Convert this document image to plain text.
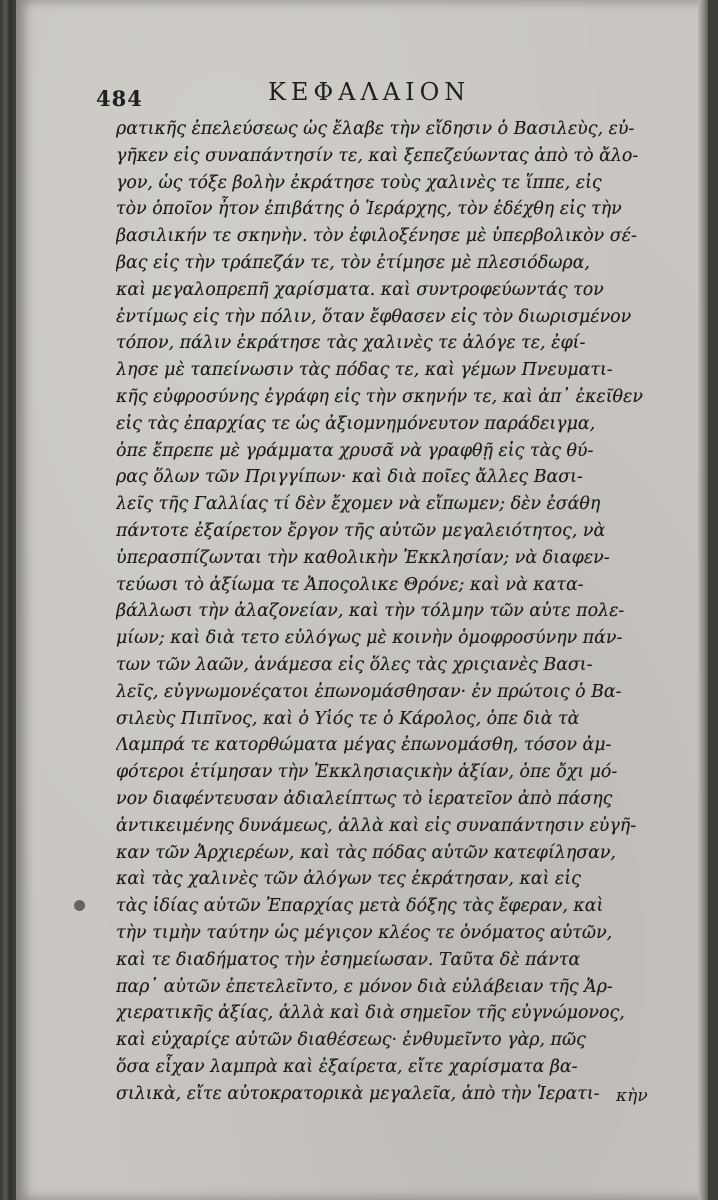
484	ΚΕΦΑΛΑΙΟΝ
ρατικῆς ἐπελεύσεως ὡς ἔλαβε τὴν εἴδησιν ὁ Βασιλεὺς, εὐ-
γῆκεν εἰς συναπάντησίν τε, καὶ ξεπεζεύωντας ἀπὸ τὸ ἄλο-
γον, ὡς τόξε βολὴν ἐκράτησε τοὺς χαλινὲς τε ἵππε, εἰς
τὸν ὁποῖον ἦτον ἐπιβάτης ὁ Ἱεράρχης, τὸν ἐδέχθη εἰς τὴν
βασιλικήν τε σκηνὴν. τὸν ἐφιλοξένησε μὲ ὑπερβολικὸν σέ-
βας εἰς τὴν τράπεζάν τε, τὸν ἐτίμησε μὲ πλεσιόδωρα,
καὶ μεγαλοπρεπῆ χαρίσματα. καὶ συντροφεύωντάς τον
ἐντίμως εἰς τὴν πόλιν, ὅταν ἔφθασεν εἰς τὸν διωρισμένον
τόπον, πάλιν ἐκράτησε τὰς χαλινὲς τε ἀλόγε τε, ἐφί-
λησε μὲ ταπείνωσιν τὰς πόδας τε, καὶ γέμων Πνευματι-
κῆς εὐφροσύνης ἐγράφη εἰς τὴν σκηνήν τε, καὶ ἀπ᾽ ἐκεῖθεν
εἰς τὰς ἐπαρχίας τε ὡς ἀξιομνημόνευτον παράδειγμα,
ὁπε ἔπρεπε μὲ γράμματα χρυσᾶ νὰ γραφθῇ εἰς τὰς θύ-
ρας ὅλων τῶν Πριγγίπων· καὶ διὰ ποῖες ἄλλες Βασι-
λεῖς τῆς Γαλλίας τί δὲν ἔχομεν νὰ εἴπωμεν; δὲν ἐσάθη
πάντοτε ἐξαίρετον ἔργον τῆς αὐτῶν μεγαλειότητος, νὰ
ὑπερασπίζωνται τὴν καθολικὴν Ἐκκλησίαν; νὰ διαφεν-
τεύωσι τὸ ἀξίωμα τε Ἀποςολικε Θρόνε; καὶ νὰ κατα-
βάλλωσι τὴν ἀλαζονείαν, καὶ τὴν τόλμην τῶν αὐτε πολε-
μίων; καὶ διὰ τετο εὐλόγως μὲ κοινὴν ὁμοφροσύνην πάν-
των τῶν λαῶν, ἀνάμεσα εἰς ὅλες τὰς χριςιανὲς Βασι-
λεῖς, εὐγνωμονέςατοι ἐπωνομάσθησαν· ἐν πρώτοις ὁ Βα-
σιλεὺς Πιπῖνος, καὶ ὁ Υἱός τε ὁ Κάρολος, ὁπε διὰ τὰ
Λαμπρά τε κατορθώματα μέγας ἐπωνομάσθη, τόσον ἀμ-
φότεροι ἐτίμησαν τὴν Ἐκκλησιαςικὴν ἀξίαν, ὁπε ὄχι μό-
νον διαφέντευσαν ἀδιαλείπτως τὸ ἱερατεῖον ἀπὸ πάσης
ἀντικειμένης δυνάμεως, ἀλλὰ καὶ εἰς συναπάντησιν εὐγῆ-
καν τῶν Ἀρχιερέων, καὶ τὰς πόδας αὐτῶν κατεφίλησαν,
καὶ τὰς χαλινὲς τῶν ἀλόγων τες ἐκράτησαν, καὶ εἰς
τὰς ἰδίας αὐτῶν Ἐπαρχίας μετὰ δόξης τὰς ἔφεραν, καὶ
τὴν τιμὴν ταύτην ὡς μέγιςον κλέος τε ὀνόματος αὐτῶν,
καὶ τε διαδήματος τὴν ἐσημείωσαν. Ταῦτα δὲ πάντα
παρ᾽ αὐτῶν ἐπετελεῖντο, ε μόνον διὰ εὐλάβειαν τῆς Ἀρ-
χιερατικῆς ἀξίας, ἀλλὰ καὶ διὰ σημεῖον τῆς εὐγνώμονος,
καὶ εὐχαρίςε αὐτῶν διαθέσεως· ἐνθυμεῖντο γὰρ, πῶς
ὅσα εἶχαν λαμπρὰ καὶ ἐξαίρετα, εἴτε χαρίσματα βα-
σιλικὰ, εἴτε αὐτοκρατορικὰ μεγαλεῖα, ἀπὸ τὴν Ἱερατι- κὴν
